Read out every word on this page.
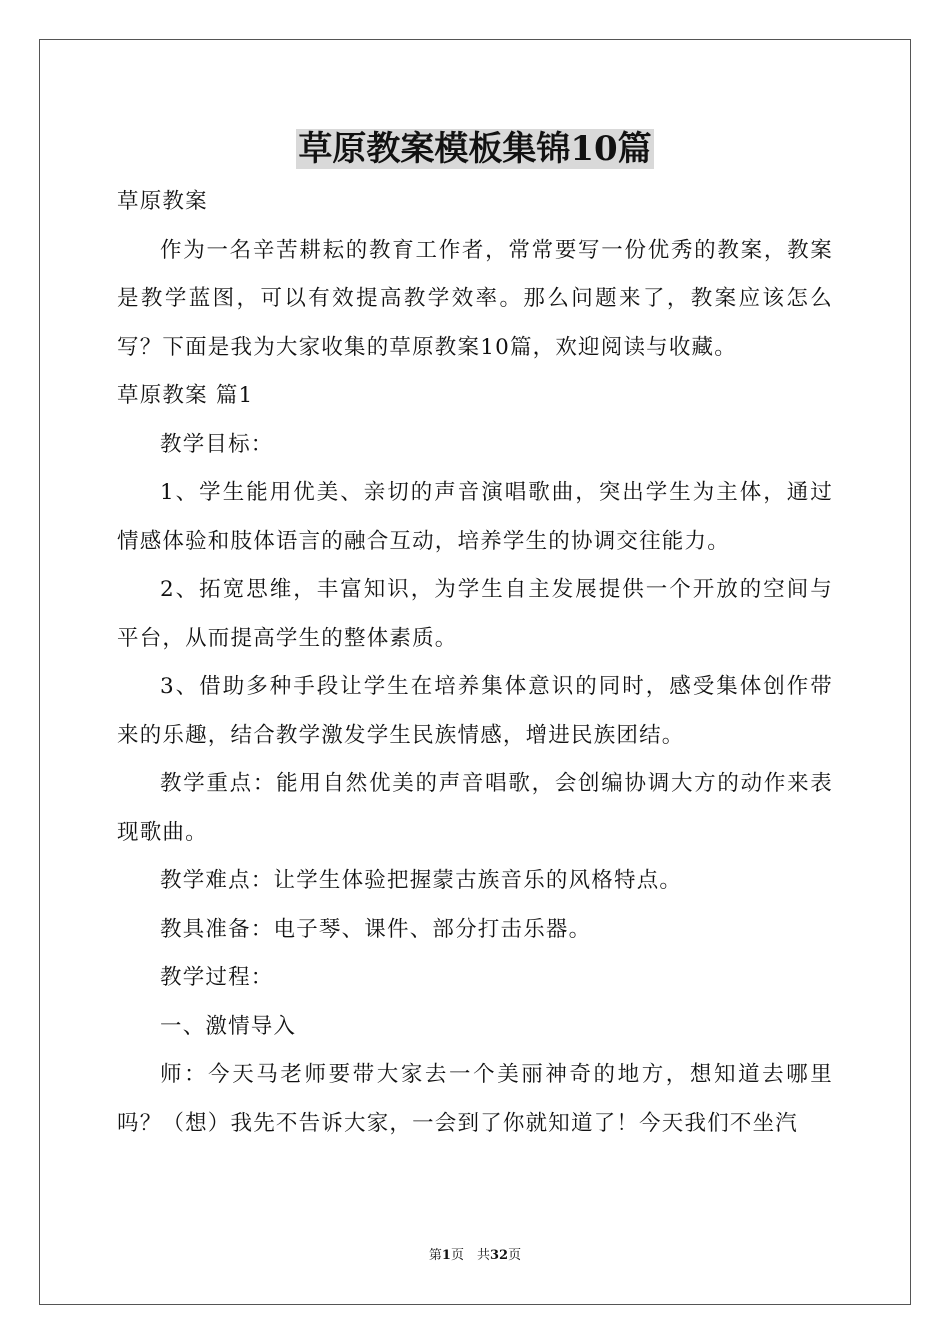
草原教案模板集锦10篇

草原教案

作为一名辛苦耕耘的教育工作者，常常要写一份优秀的教案，教案是教学蓝图，可以有效提高教学效率。那么问题来了，教案应该怎么写？下面是我为大家收集的草原教案10篇，欢迎阅读与收藏。

草原教案 篇1

教学目标：

1、学生能用优美、亲切的声音演唱歌曲，突出学生为主体，通过情感体验和肢体语言的融合互动，培养学生的协调交往能力。

2、拓宽思维，丰富知识，为学生自主发展提供一个开放的空间与平台，从而提高学生的整体素质。

3、借助多种手段让学生在培养集体意识的同时，感受集体创作带来的乐趣，结合教学激发学生民族情感，增进民族团结。

教学重点：能用自然优美的声音唱歌，会创编协调大方的动作来表现歌曲。

教学难点：让学生体验把握蒙古族音乐的风格特点。

教具准备：电子琴、课件、部分打击乐器。

教学过程：

一、激情导入

师：今天马老师要带大家去一个美丽神奇的地方，想知道去哪里吗？（想）我先不告诉大家，一会到了你就知道了！今天我们不坐汽

第1页　共32页
